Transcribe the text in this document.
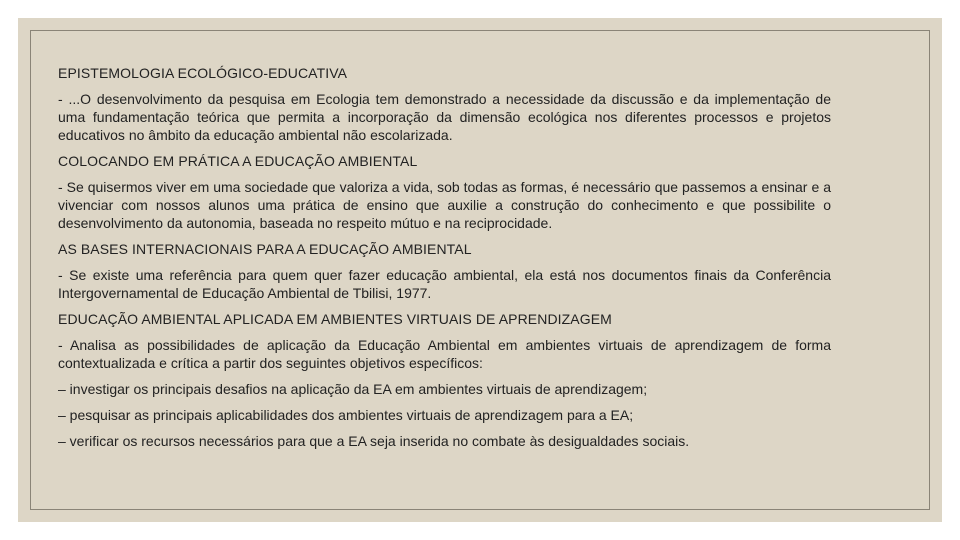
EPISTEMOLOGIA ECOLÓGICO-EDUCATIVA
- ...O desenvolvimento da pesquisa em Ecologia tem demonstrado a necessidade da discussão e da implementação de uma fundamentação teórica que permita a incorporação da dimensão ecológica nos diferentes processos e projetos educativos no âmbito da educação ambiental não escolarizada.
COLOCANDO EM PRÁTICA A EDUCAÇÃO AMBIENTAL
- Se quisermos viver em uma sociedade que valoriza a vida, sob todas as formas, é necessário que passemos a ensinar e a vivenciar com nossos alunos uma prática de ensino que auxilie a construção do conhecimento e que possibilite o desenvolvimento da autonomia, baseada no respeito mútuo e na reciprocidade.
AS BASES INTERNACIONAIS PARA A EDUCAÇÃO AMBIENTAL
- Se existe uma referência para quem quer fazer educação ambiental, ela está nos documentos finais da Conferência Intergovernamental de Educação Ambiental de Tbilisi, 1977.
EDUCAÇÃO AMBIENTAL APLICADA EM AMBIENTES VIRTUAIS DE APRENDIZAGEM
- Analisa as possibilidades de aplicação da Educação Ambiental em ambientes virtuais de aprendizagem de forma contextualizada e crítica a partir dos seguintes objetivos específicos:
– investigar os principais desafios na aplicação da EA em ambientes virtuais de aprendizagem;
– pesquisar as principais aplicabilidades dos ambientes virtuais de aprendizagem para a EA;
– verificar os recursos necessários para que a EA seja inserida no combate às desigualdades sociais.
